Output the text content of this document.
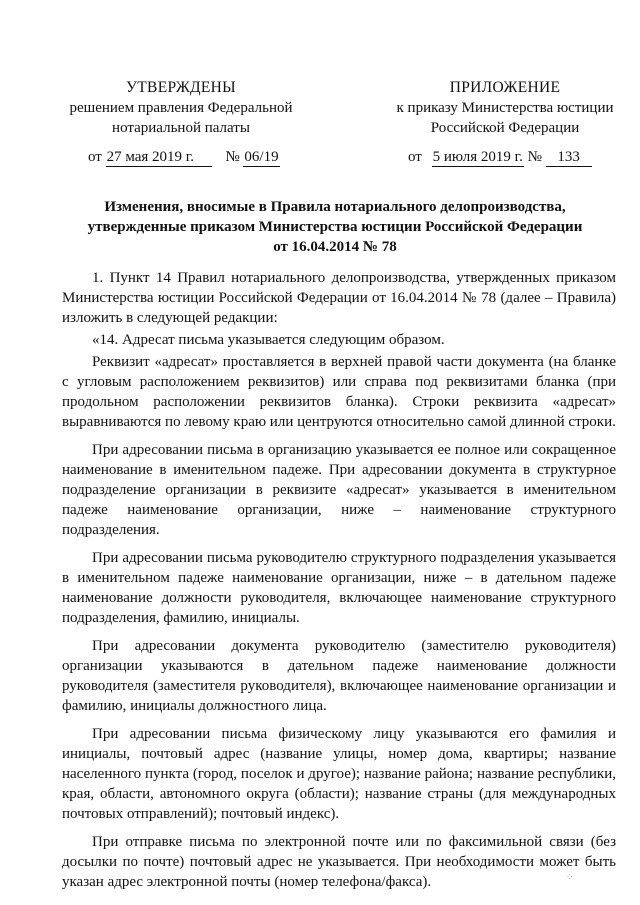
УТВЕРЖДЕНЫ
решением правления Федеральной
нотариальной палаты
ПРИЛОЖЕНИЕ
к приказу Министерства юстиции
Российской Федерации
от 27 мая 2019 г. № 06/19	от 5 июля 2019 г. № 133
Изменения, вносимые в Правила нотариального делопроизводства,
утвержденные приказом Министерства юстиции Российской Федерации
от 16.04.2014 № 78

1. Пункт 14 Правил нотариального делопроизводства, утвержденных приказом Министерства юстиции Российской Федерации от 16.04.2014 № 78 (далее – Правила) изложить в следующей редакции:

«14. Адресат письма указывается следующим образом.

Реквизит «адресат» проставляется в верхней правой части документа (на бланке с угловым расположением реквизитов) или справа под реквизитами бланка (при продольном расположении реквизитов бланка). Строки реквизита «адресат» выравниваются по левому краю или центруются относительно самой длинной строки.

При адресовании письма в организацию указывается ее полное или сокращенное наименование в именительном падеже. При адресовании документа в структурное подразделение организации в реквизите «адресат» указывается в именительном падеже наименование организации, ниже – наименование структурного подразделения.

При адресовании письма руководителю структурного подразделения указывается в именительном падеже наименование организации, ниже – в дательном падеже наименование должности руководителя, включающее наименование структурного подразделения, фамилию, инициалы.

При адресовании документа руководителю (заместителю руководителя) организации указываются в дательном падеже наименование должности руководителя (заместителя руководителя), включающее наименование организации и фамилию, инициалы должностного лица.

При адресовании письма физическому лицу указываются его фамилия и инициалы, почтовый адрес (название улицы, номер дома, квартиры; название населенного пункта (город, поселок и другое); название района; название республики, края, области, автономного округа (области); название страны (для международных почтовых отправлений); почтовый индекс).

При отправке письма по электронной почте или по факсимильной связи (без досылки по почте) почтовый адрес не указывается. При необходимости может быть указан адрес электронной почты (номер телефона/факса).	⁘
